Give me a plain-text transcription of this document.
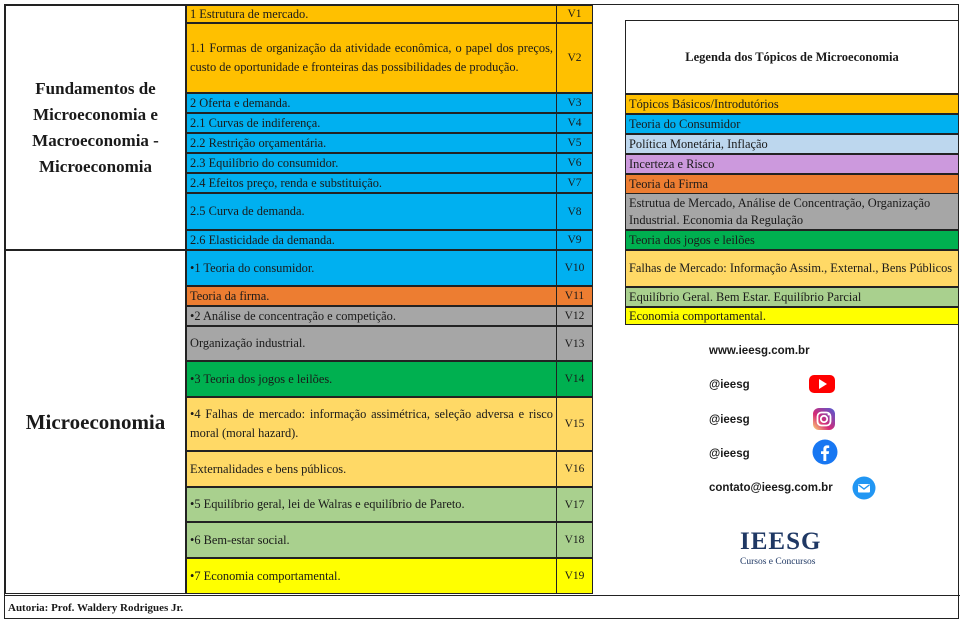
Fundamentos de Microeconomia e Macroeconomia - Microeconomia
Microeconomia
1 Estrutura de mercado.	V1
1.1 Formas de organização da atividade econômica, o papel dos preços, custo de oportunidade e fronteiras das possibilidades de produção.
V2
2 Oferta e demanda.	V3
2.1 Curvas de indiferença.	V4
2.2 Restrição orçamentária.	V5
2.3 Equilíbrio do consumidor.	V6
2.4 Efeitos preço, renda e substituição.	V7
2.5 Curva de demanda.	V8
2.6 Elasticidade da demanda.	V9
•1 Teoria do consumidor.	V10
Teoria da firma.	V11
•2 Análise de concentração e competição.	V12
Organização industrial.	V13
•3 Teoria dos jogos e leilões.	V14
•4 Falhas de mercado: informação assimétrica, seleção adversa e risco moral (moral hazard).
V15
Externalidades e bens públicos.	V16
•5 Equilíbrio geral, lei de Walras e equilíbrio de Pareto.	V17
•6 Bem-estar social.	V18
•7 Economia comportamental.	V19
Legenda dos Tópicos de Microeconomia
Tópicos Básicos/Introdutórios
Teoria do Consumidor
Política Monetária, Inflação
Incerteza e Risco
Teoria da Firma
Estrutua de Mercado, Análise de Concentração, Organização Industrial. Economia da Regulação
Teoria dos jogos e leilões
Falhas de Mercado: Informação Assim., External., Bens Públicos
Equilíbrio Geral. Bem Estar. Equilíbrio Parcial
Economia comportamental.
www.ieesg.com.br
@ieesg
@ieesg
@ieesg
contato@ieesg.com.br
IEESG
Cursos e Concursos
Autoria: Prof. Waldery Rodrigues Jr.
